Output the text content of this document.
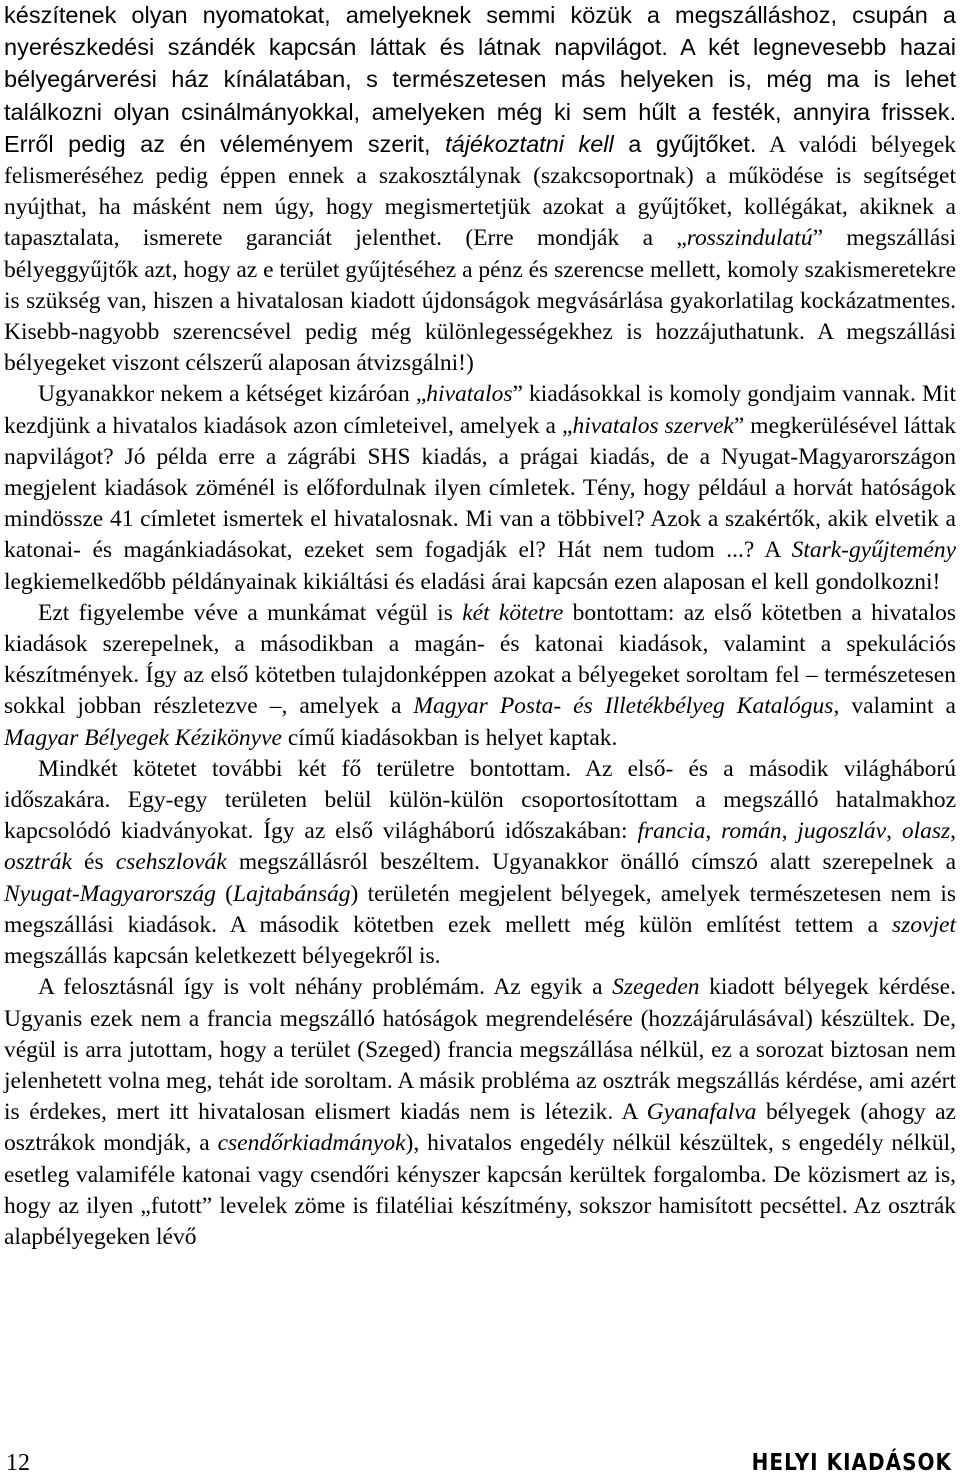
készítenek olyan nyomatokat, amelyeknek semmi közük a megszálláshoz, csupán a nyerészkedési szándék kapcsán láttak és látnak napvilágot. A két legnevesebb hazai bélyegárverési ház kínálatában, s természetesen más helyeken is, még ma is lehet találkozni olyan csinálmányokkal, amelyeken még ki sem hűlt a festék, annyira frissek. Erről pedig az én véleményem szerit, tájékoztatni kell a gyűjtőket. A valódi bélyegek felismeréséhez pedig éppen ennek a szakosztálynak (szakcsoportnak) a működése is segítséget nyújthat, ha másként nem úgy, hogy megismertetjük azokat a gyűjtőket, kollégákat, akiknek a tapasztalata, ismerete garanciát jelenthet. (Erre mondják a „rosszindulatú” megszállási bélyeggyűjtők azt, hogy az e terület gyűjtéséhez a pénz és szerencse mellett, komoly szakismeretekre is szükség van, hiszen a hivatalosan kiadott újdonságok megvásárlása gyakorlatilag kockázatmentes. Kisebb-nagyobb szerencsével pedig még különlegességekhez is hozzájuthatunk. A megszállási bélyegeket viszont célszerű alaposan átvizsgálni!)

Ugyanakkor nekem a kétséget kizáróan „hivatalos” kiadásokkal is komoly gondjaim vannak. Mit kezdjünk a hivatalos kiadások azon címleteivel, amelyek a „hivatalos szervek” megkerülésével láttak napvilágot? Jó példa erre a zágrábi SHS kiadás, a prágai kiadás, de a Nyugat-Magyarországon megjelent kiadások zöménél is előfordulnak ilyen címletek. Tény, hogy például a horvát hatóságok mindössze 41 címletet ismertek el hivatalosnak. Mi van a többivel? Azok a szakértők, akik elvetik a katonai- és magánkiadásokat, ezeket sem fogadják el? Hát nem tudom ...? A Stark-gyűjtemény legkiemelkedőbb példányainak kikiáltási és eladási árai kapcsán ezen alaposan el kell gondolkozni!

Ezt figyelembe véve a munkámat végül is két kötetre bontottam: az első kötetben a hivatalos kiadások szerepelnek, a másodikban a magán- és katonai kiadások, valamint a spekulációs készítmények. Így az első kötetben tulajdonképpen azokat a bélyegeket soroltam fel – természetesen sokkal jobban részletezve –, amelyek a Magyar Posta- és Illetékbélyeg Katalógus, valamint a Magyar Bélyegek Kézikönyve című kiadásokban is helyet kaptak.

Mindkét kötetet további két fő területre bontottam. Az első- és a második világháború időszakára. Egy-egy területen belül külön-külön csoportosítottam a megszálló hatalmakhoz kapcsolódó kiadványokat. Így az első világháború időszakában: francia, román, jugoszláv, olasz, osztrák és csehszlovák megszállásról beszéltem. Ugyanakkor önálló címszó alatt szerepelnek a Nyugat-Magyarország (Lajtabánság) területén megjelent bélyegek, amelyek természetesen nem is megszállási kiadások. A második kötetben ezek mellett még külön említést tettem a szovjet megszállás kapcsán keletkezett bélyegekről is.

A felosztásnál így is volt néhány problémám. Az egyik a Szegeden kiadott bélyegek kérdése. Ugyanis ezek nem a francia megszálló hatóságok megrendelésére (hozzájárulásával) készültek. De, végül is arra jutottam, hogy a terület (Szeged) francia megszállása nélkül, ez a sorozat biztosan nem jelenhetett volna meg, tehát ide soroltam. A másik probléma az osztrák megszállás kérdése, ami azért is érdekes, mert itt hivatalosan elismert kiadás nem is létezik. A Gyanafalva bélyegek (ahogy az osztrákok mondják, a csendőrkiadmányok), hivatalos engedély nélkül készültek, s engedély nélkül, esetleg valamiféle katonai vagy csendőri kényszer kapcsán kerültek forgalomba. De közismert az is, hogy az ilyen „futott” levelek zöme is filatéliai készítmény, sokszor hamisított pecséttel. Az osztrák alapbélyegeken lévő

12	HELYI KIADÁSOK
